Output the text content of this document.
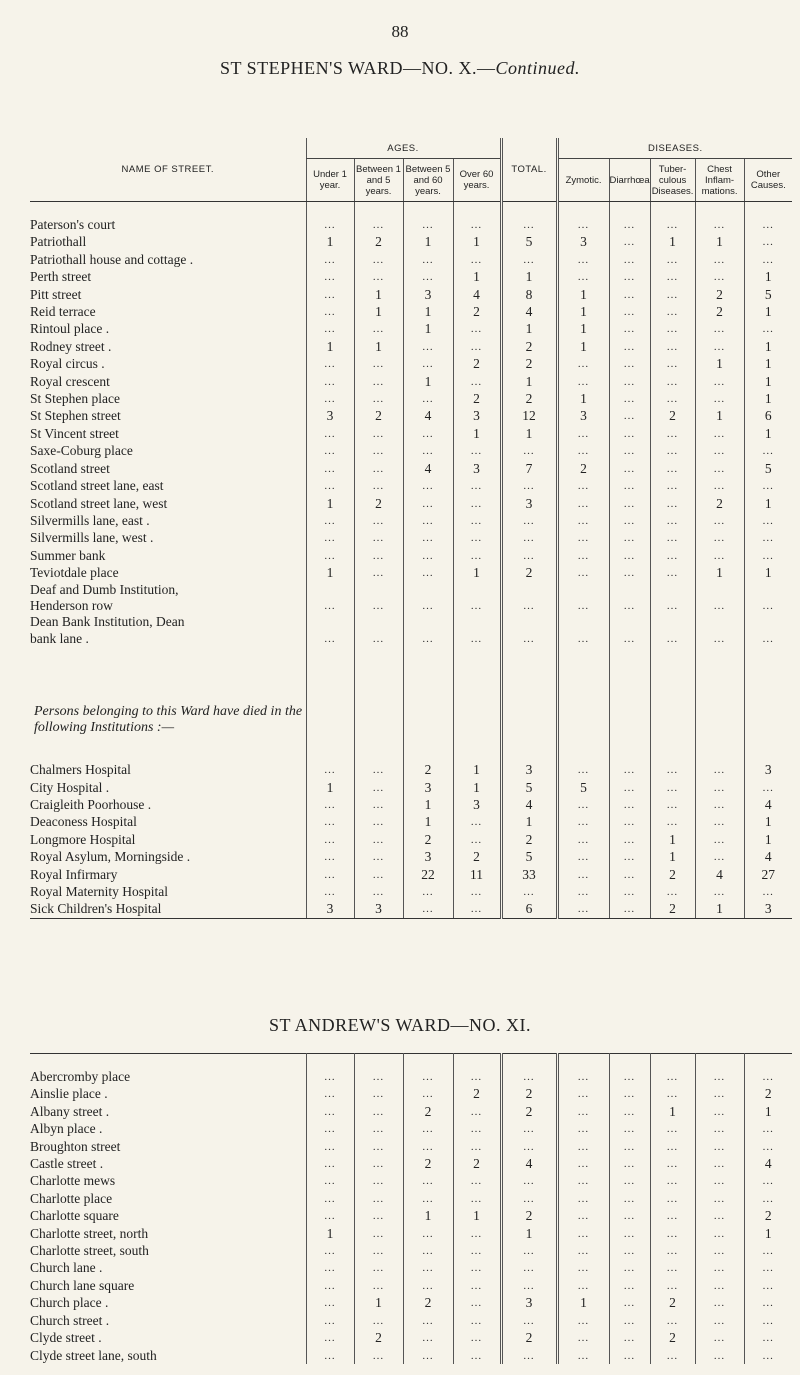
88
ST STEPHEN'S WARD—NO. X.—Continued.
NAME OF STREET.	AGES.				TOTAL.	DISEASES.				
	Under 1 year.	Between 1 and 5 years.	Between 5 and 60 years.	Over 60 years.		Zymotic.	Diarrhœa	Tuber-culous Diseases.	Chest Inflam-mations.	Other Causes.

Paterson's court	...	...	...	...	...	...	...	...	...	...
Patriothall	1	2	1	1	5	3	...	1	1	...
Patriothall house and cottage .	...	...	...	...	...	...	...	...	...	...
Perth street	...	...	...	1	1	...	...	...	...	1
Pitt street	...	1	3	4	8	1	...	...	2	5
Reid terrace	...	1	1	2	4	1	...	...	2	1
Rintoul place .	...	...	1	...	1	1	...	...	...	...
Rodney street .	1	1	...	...	2	1	...	...	...	1
Royal circus .	...	...	...	2	2	...	...	...	1	1
Royal crescent	...	...	1	...	1	...	...	...	...	1
St Stephen place	...	...	...	2	2	1	...	...	...	1
St Stephen street	3	2	4	3	12	3	...	2	1	6
St Vincent street	...	...	...	1	1	...	...	...	...	1
Saxe-Coburg place	...	...	...	...	...	...	...	...	...	...
Scotland street	...	...	4	3	7	2	...	...	...	5
Scotland street lane, east	...	...	...	...	...	...	...	...	...	...
Scotland street lane, west	1	2	...	...	3	...	...	...	2	1
Silvermills lane, east .	...	...	...	...	...	...	...	...	...	...
Silvermills lane, west .	...	...	...	...	...	...	...	...	...	...
Summer bank	...	...	...	...	...	...	...	...	...	...
Teviotdale place	1	...	...	1	2	...	...	...	1	1
Deaf and Dumb Institution,										
Henderson row	...	...	...	...	...	...	...	...	...	...
Dean Bank Institution, Dean										
bank lane .	...	...	...	...	...	...	...	...	...	...

Persons belonging to this Ward have died in the following Institutions :—										

Chalmers Hospital	...	...	2	1	3	...	...	...	...	3
City Hospital .	1	...	3	1	5	5	...	...	...	...
Craigleith Poorhouse .	...	...	1	3	4	...	...	...	...	4
Deaconess Hospital	...	...	1	...	1	...	...	...	...	1
Longmore Hospital	...	...	2	...	2	...	...	1	...	1
Royal Asylum, Morningside .	...	...	3	2	5	...	...	1	...	4
Royal Infirmary	...	...	22	11	33	...	...	2	4	27
Royal Maternity Hospital	...	...	...	...	...	...	...	...	...	...
Sick Children's Hospital	3	3	...	...	6	...	...	2	1	3
ST ANDREW'S WARD—NO. XI.

Abercromby place	...	...	...	...	...	...	...	...	...	...
Ainslie place .	...	...	...	2	2	...	...	...	...	2
Albany street .	...	...	2	...	2	...	...	1	...	1
Albyn place .	...	...	...	...	...	...	...	...	...	...
Broughton street	...	...	...	...	...	...	...	...	...	...
Castle street .	...	...	2	2	4	...	...	...	...	4
Charlotte mews	...	...	...	...	...	...	...	...	...	...
Charlotte place	...	...	...	...	...	...	...	...	...	...
Charlotte square	...	...	1	1	2	...	...	...	...	2
Charlotte street, north	1	...	...	...	1	...	...	...	...	1
Charlotte street, south	...	...	...	...	...	...	...	...	...	...
Church lane .	...	...	...	...	...	...	...	...	...	...
Church lane square	...	...	...	...	...	...	...	...	...	...
Church place .	...	1	2	...	3	1	...	2	...	...
Church street .	...	...	...	...	...	...	...	...	...	...
Clyde street .	...	2	...	...	2	...	...	2	...	...
Clyde street lane, south	...	...	...	...	...	...	...	...	...	...
